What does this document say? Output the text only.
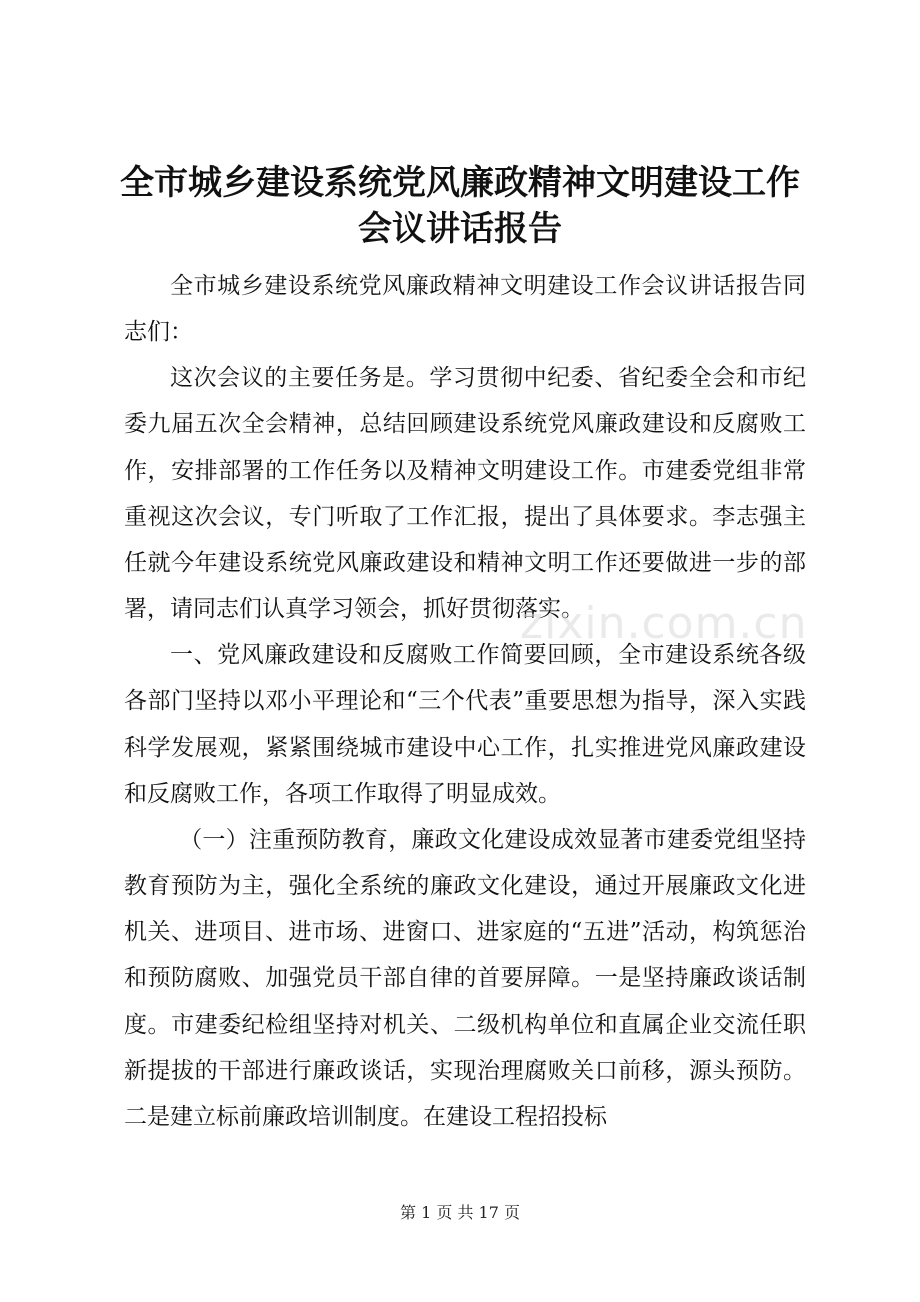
全市城乡建设系统党风廉政精神文明建设工作
会议讲话报告

全市城乡建设系统党风廉政精神文明建设工作会议讲话报告同志们：

这次会议的主要任务是。学习贯彻中纪委、省纪委全会和市纪委九届五次全会精神，总结回顾建设系统党风廉政建设和反腐败工作，安排部署的工作任务以及精神文明建设工作。市建委党组非常重视这次会议，专门听取了工作汇报，提出了具体要求。李志强主任就今年建设系统党风廉政建设和精神文明工作还要做进一步的部署，请同志们认真学习领会，抓好贯彻落实。

一、党风廉政建设和反腐败工作简要回顾，全市建设系统各级各部门坚持以邓小平理论和“三个代表”重要思想为指导，深入实践科学发展观，紧紧围绕城市建设中心工作，扎实推进党风廉政建设和反腐败工作，各项工作取得了明显成效。

（一）注重预防教育，廉政文化建设成效显著市建委党组坚持教育预防为主，强化全系统的廉政文化建设，通过开展廉政文化进机关、进项目、进市场、进窗口、进家庭的“五进”活动，构筑惩治和预防腐败、加强党员干部自律的首要屏障。一是坚持廉政谈话制度。市建委纪检组坚持对机关、二级机构单位和直属企业交流任职新提拔的干部进行廉政谈话，实现治理腐败关口前移，源头预防。二是建立标前廉政培训制度。在建设工程招投标

zixin.com.cn
第 1 页 共 17 页
